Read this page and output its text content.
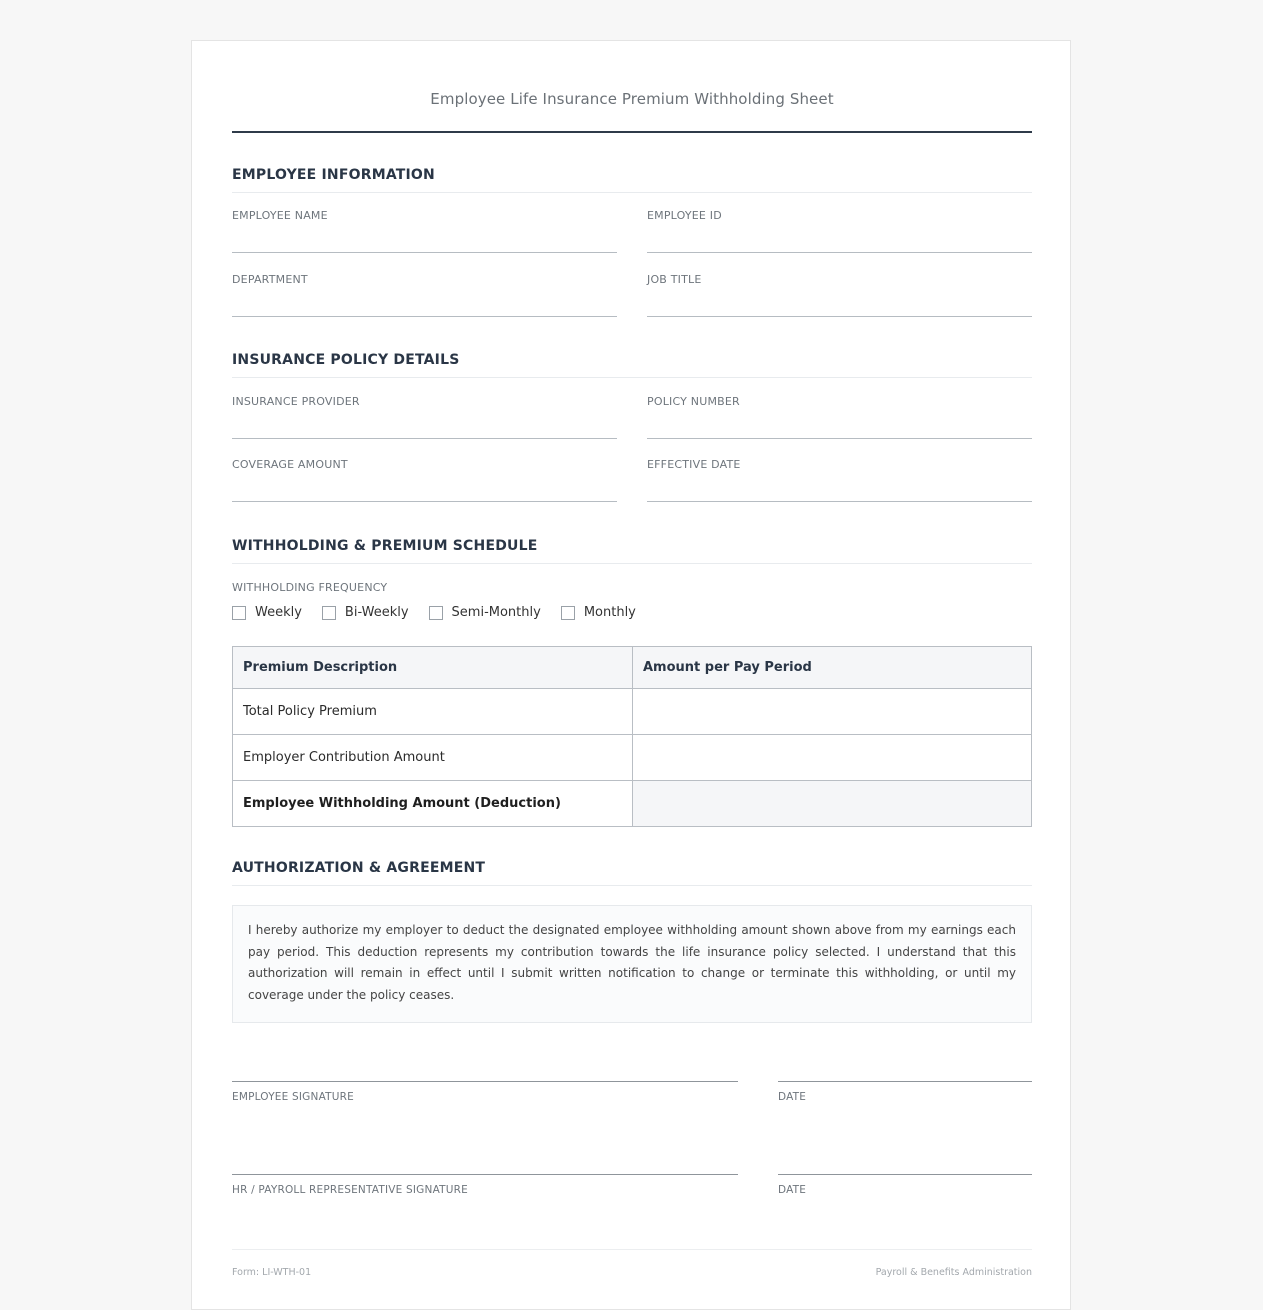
Employee Life Insurance Premium Withholding Sheet
EMPLOYEE INFORMATION
EMPLOYEE NAME	EMPLOYEE ID
DEPARTMENT	JOB TITLE
INSURANCE POLICY DETAILS
INSURANCE PROVIDER	POLICY NUMBER
COVERAGE AMOUNT	EFFECTIVE DATE
WITHHOLDING & PREMIUM SCHEDULE
WITHHOLDING FREQUENCY
Weekly	Bi-Weekly	Semi-Monthly	Monthly
Premium Description	Amount per Pay Period
Total Policy Premium	
Employer Contribution Amount	
Employee Withholding Amount (Deduction)	
AUTHORIZATION & AGREEMENT
I hereby authorize my employer to deduct the designated employee withholding amount shown above from my earnings each pay period. This deduction represents my contribution towards the life insurance policy selected. I understand that this authorization will remain in effect until I submit written notification to change or terminate this withholding, or until my coverage under the policy ceases.
EMPLOYEE SIGNATURE	DATE
HR / PAYROLL REPRESENTATIVE SIGNATURE	DATE
Form: LI-WTH-01	Payroll & Benefits Administration
